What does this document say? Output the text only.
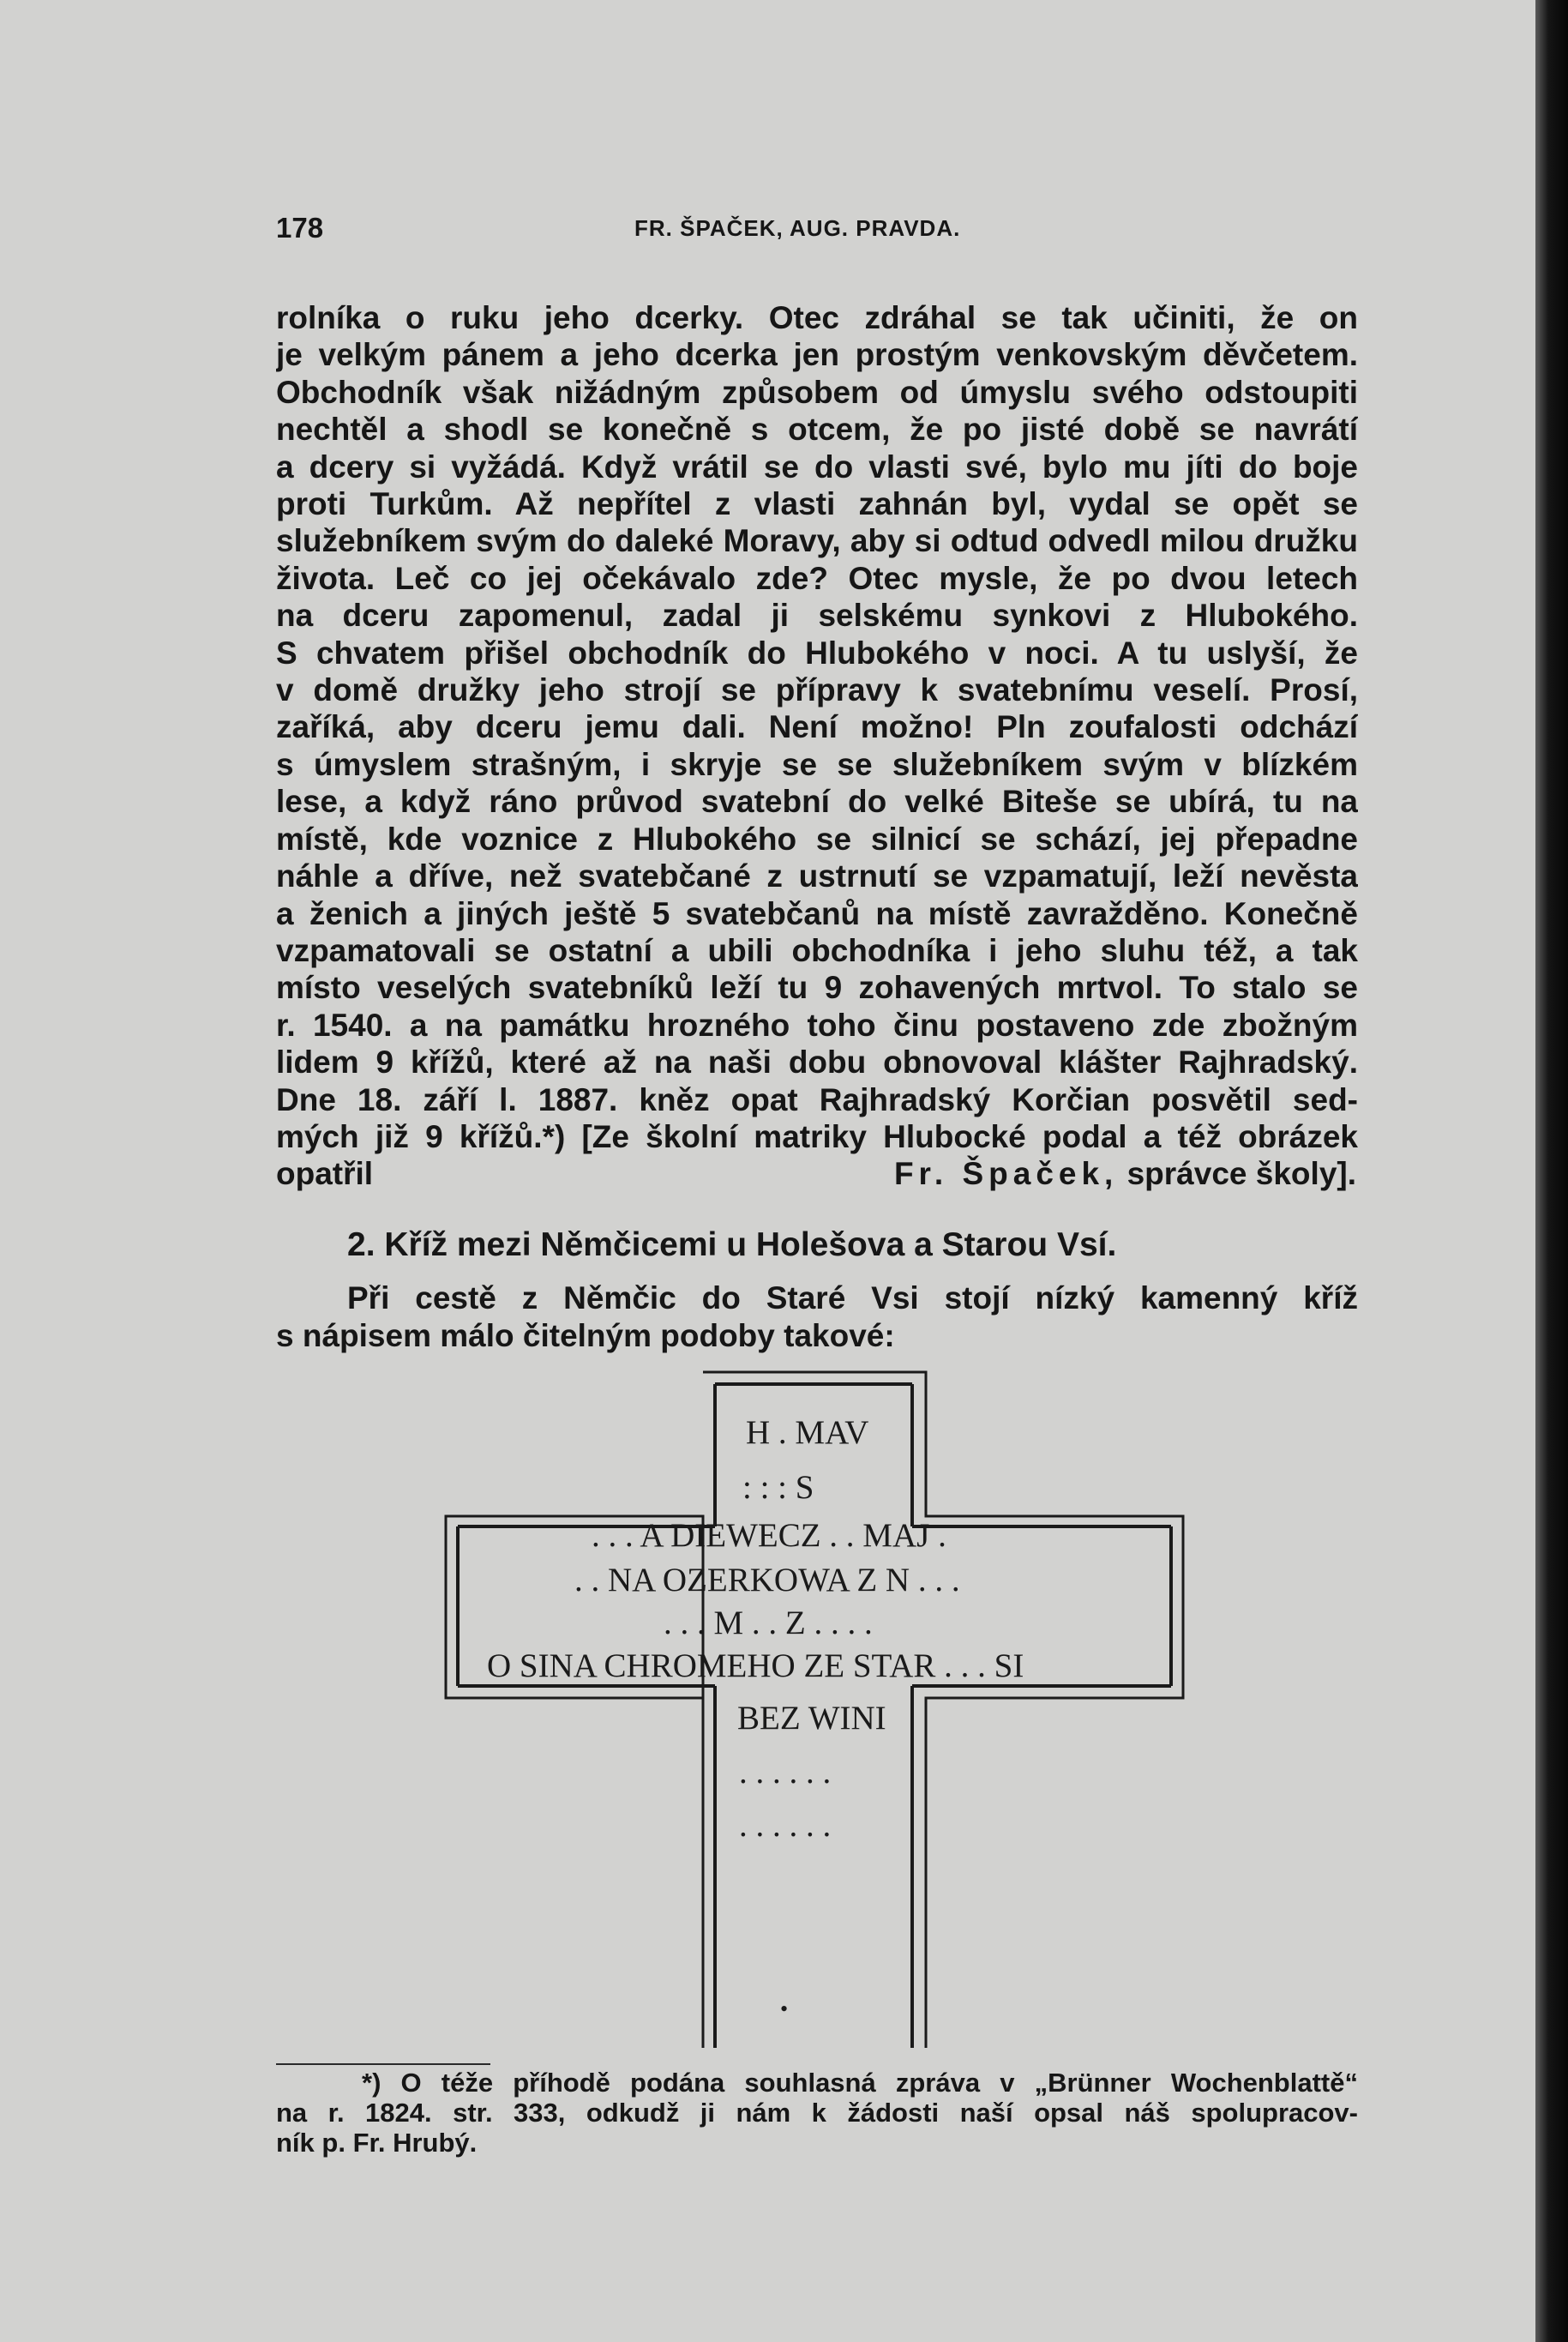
178	FR. ŠPAČEK, AUG. PRAVDA.
rolníka o ruku jeho dcerky. Otec zdráhal se tak učiniti, že on
je velkým pánem a jeho dcerka jen prostým venkovským děvčetem.
Obchodník však nižádným způsobem od úmyslu svého odstoupiti
nechtěl a shodl se konečně s otcem, že po jisté době se navrátí
a dcery si vyžádá. Když vrátil se do vlasti své, bylo mu jíti do boje
proti Turkům. Až nepřítel z vlasti zahnán byl, vydal se opět se
služebníkem svým do daleké Moravy, aby si odtud odvedl milou družku
života. Leč co jej očekávalo zde? Otec mysle, že po dvou letech
na dceru zapomenul, zadal ji selskému synkovi z Hlubokého.
S chvatem přišel obchodník do Hlubokého v noci. A tu uslyší, že
v domě družky jeho strojí se přípravy k svatebnímu veselí. Prosí,
zaříká, aby dceru jemu dali. Není možno! Pln zoufalosti odchází
s úmyslem strašným, i skryje se se služebníkem svým v blízkém
lese, a když ráno průvod svatební do velké Biteše se ubírá, tu na
místě, kde voznice z Hlubokého se silnicí se schází, jej přepadne
náhle a dříve, než svatebčané z ustrnutí se vzpamatují, leží nevěsta
a ženich a jiných ještě 5 svatebčanů na místě zavražděno. Konečně
vzpamatovali se ostatní a ubili obchodníka i jeho sluhu též, a tak
místo veselých svatebníků leží tu 9 zohavených mrtvol. To stalo se
r. 1540. a na památku hrozného toho činu postaveno zde zbožným
lidem 9 křížů, které až na naši dobu obnovoval klášter Rajhradský.
Dne 18. září l. 1887. kněz opat Rajhradský Korčian posvětil sed-
mých již 9 křížů.*) [Ze školní matriky Hlubocké podal a též obrázek
opatřil	Fr. Špaček, správce školy].
2. Kříž mezi Němčicemi u Holešova a Starou Vsí.
Při cestě z Němčic do Staré Vsi stojí nízký kamenný kříž
s nápisem málo čitelným podoby takové:
H . MAV
: : : S
. . . A DIEWECZ . . MAJ .
. . NA OZERKOWA Z N . . .
. . . M . . Z . . . .
O SINA CHROMEHO ZE STAR . . . SI
BEZ WINI
. . . . . .
. . . . . .
•
*) O téže příhodě podána souhlasná zpráva v „Brünner Wochenblattě“
na r. 1824. str. 333, odkudž ji nám k žádosti naší opsal náš spolupracov-
ník p. Fr. Hrubý.
